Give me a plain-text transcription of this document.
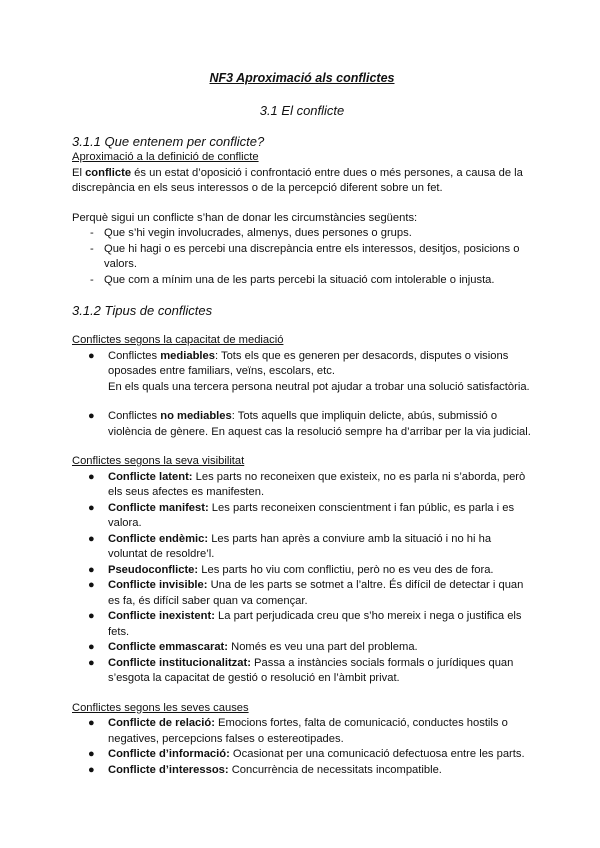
NF3 Aproximació als conflictes
3.1 El conflicte
3.1.1 Que entenem per conflicte?

Aproximació a la definició de conflicte

El conflicte és un estat d’oposició i confrontació entre dues o més persones, a causa de la discrepància en els seus interessos o de la percepció diferent sobre un fet.

Perquè sigui un conflicte s’han de donar les circumstàncies següents:

- Que s’hi vegin involucrades, almenys, dues persones o grups.
- Que hi hagi o es percebi una discrepància entre els interessos, desitjos, posicions o valors.
- Que com a mínim una de les parts percebi la situació com intolerable o injusta.
3.1.2 Tipus de conflictes

Conflictes segons la capacitat de mediació

● Conflictes mediables: Tots els que es generen per desacords, disputes o visions oposades entre familiars, veïns, escolars, etc.
En els quals una tercera persona neutral pot ajudar a trobar una solució satisfactòria.
● Conflictes no mediables: Tots aquells que impliquin delicte, abús, submissió o violència de gènere. En aquest cas la resolució sempre ha d’arribar per la via judicial.

Conflictes segons la seva visibilitat

● Conflicte latent: Les parts no reconeixen que existeix, no es parla ni s’aborda, però els seus afectes es manifesten.
● Conflicte manifest: Les parts reconeixen conscientment i fan públic, es parla i es valora.
● Conflicte endèmic: Les parts han après a conviure amb la situació i no hi ha voluntat de resoldre’l.
● Pseudoconflicte: Les parts ho viu com conflictiu, però no es veu des de fora.
● Conflicte invisible: Una de les parts se sotmet a l’altre. És difícil de detectar i quan es fa, és difícil saber quan va començar.
● Conflicte inexistent: La part perjudicada creu que s’ho mereix i nega o justifica els fets.
● Conflicte emmascarat: Només es veu una part del problema.
● Conflicte institucionalitzat: Passa a instàncies socials formals o jurídiques quan s’esgota la capacitat de gestió o resolució en l’àmbit privat.

Conflictes segons les seves causes

● Conflicte de relació: Emocions fortes, falta de comunicació, conductes hostils o negatives, percepcions falses o estereotipades.
● Conflicte d’informació: Ocasionat per una comunicació defectuosa entre les parts.
● Conflicte d’interessos: Concurrència de necessitats incompatible.
